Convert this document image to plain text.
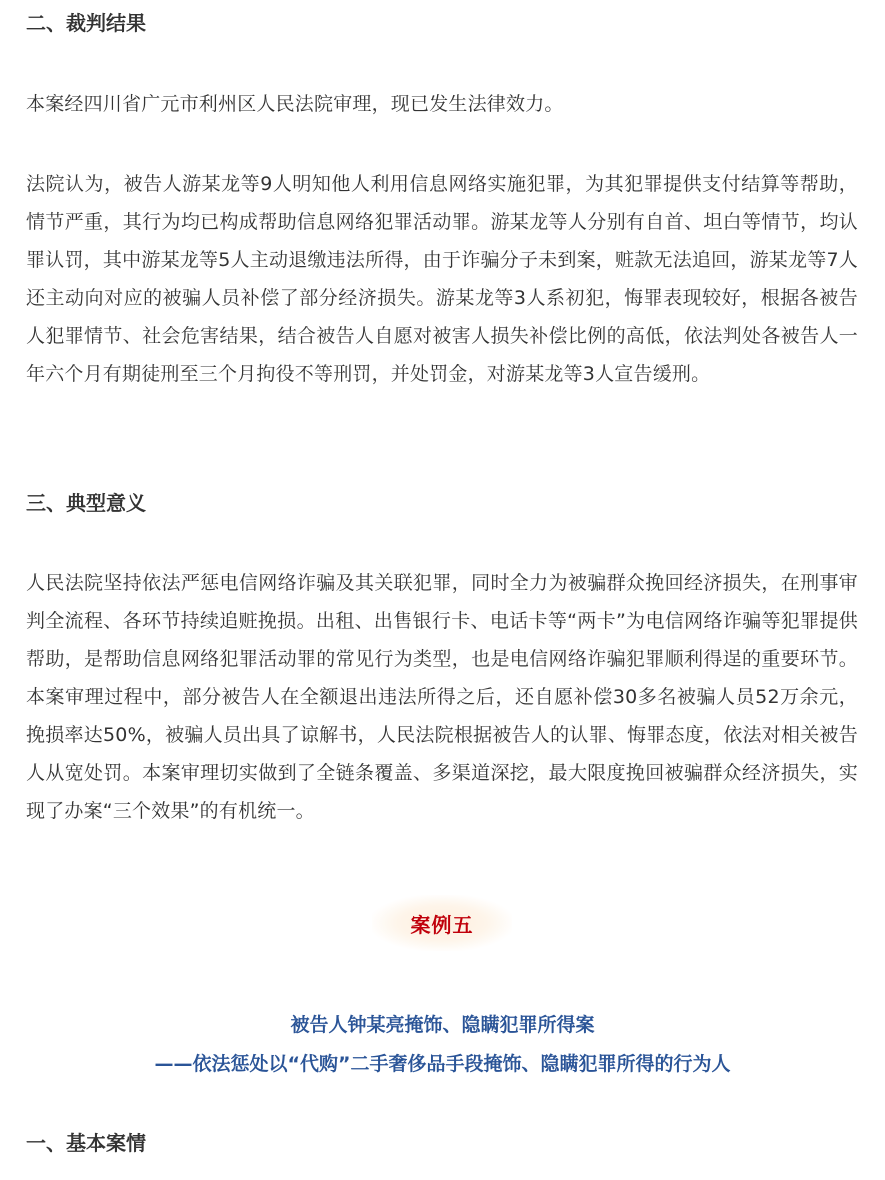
二、裁判结果

本案经四川省广元市利州区人民法院审理，现已发生法律效力。

法院认为，被告人游某龙等9人明知他人利用信息网络实施犯罪，为其犯罪提供支付结算等帮助，情节严重，其行为均已构成帮助信息网络犯罪活动罪。游某龙等人分别有自首、坦白等情节，均认罪认罚，其中游某龙等5人主动退缴违法所得，由于诈骗分子未到案，赃款无法追回，游某龙等7人还主动向对应的被骗人员补偿了部分经济损失。游某龙等3人系初犯，悔罪表现较好，根据各被告人犯罪情节、社会危害结果，结合被告人自愿对被害人损失补偿比例的高低，依法判处各被告人一年六个月有期徒刑至三个月拘役不等刑罚，并处罚金，对游某龙等3人宣告缓刑。

三、典型意义

人民法院坚持依法严惩电信网络诈骗及其关联犯罪，同时全力为被骗群众挽回经济损失，在刑事审判全流程、各环节持续追赃挽损。出租、出售银行卡、电话卡等“两卡”为电信网络诈骗等犯罪提供帮助，是帮助信息网络犯罪活动罪的常见行为类型，也是电信网络诈骗犯罪顺利得逞的重要环节。本案审理过程中，部分被告人在全额退出违法所得之后，还自愿补偿30多名被骗人员52万余元，挽损率达50%，被骗人员出具了谅解书，人民法院根据被告人的认罪、悔罪态度，依法对相关被告人从宽处罚。本案审理切实做到了全链条覆盖、多渠道深挖，最大限度挽回被骗群众经济损失，实现了办案“三个效果”的有机统一。

一、基本案情
案例五
被告人钟某亮掩饰、隐瞒犯罪所得案
——依法惩处以“代购”二手奢侈品手段掩饰、隐瞒犯罪所得的行为人
